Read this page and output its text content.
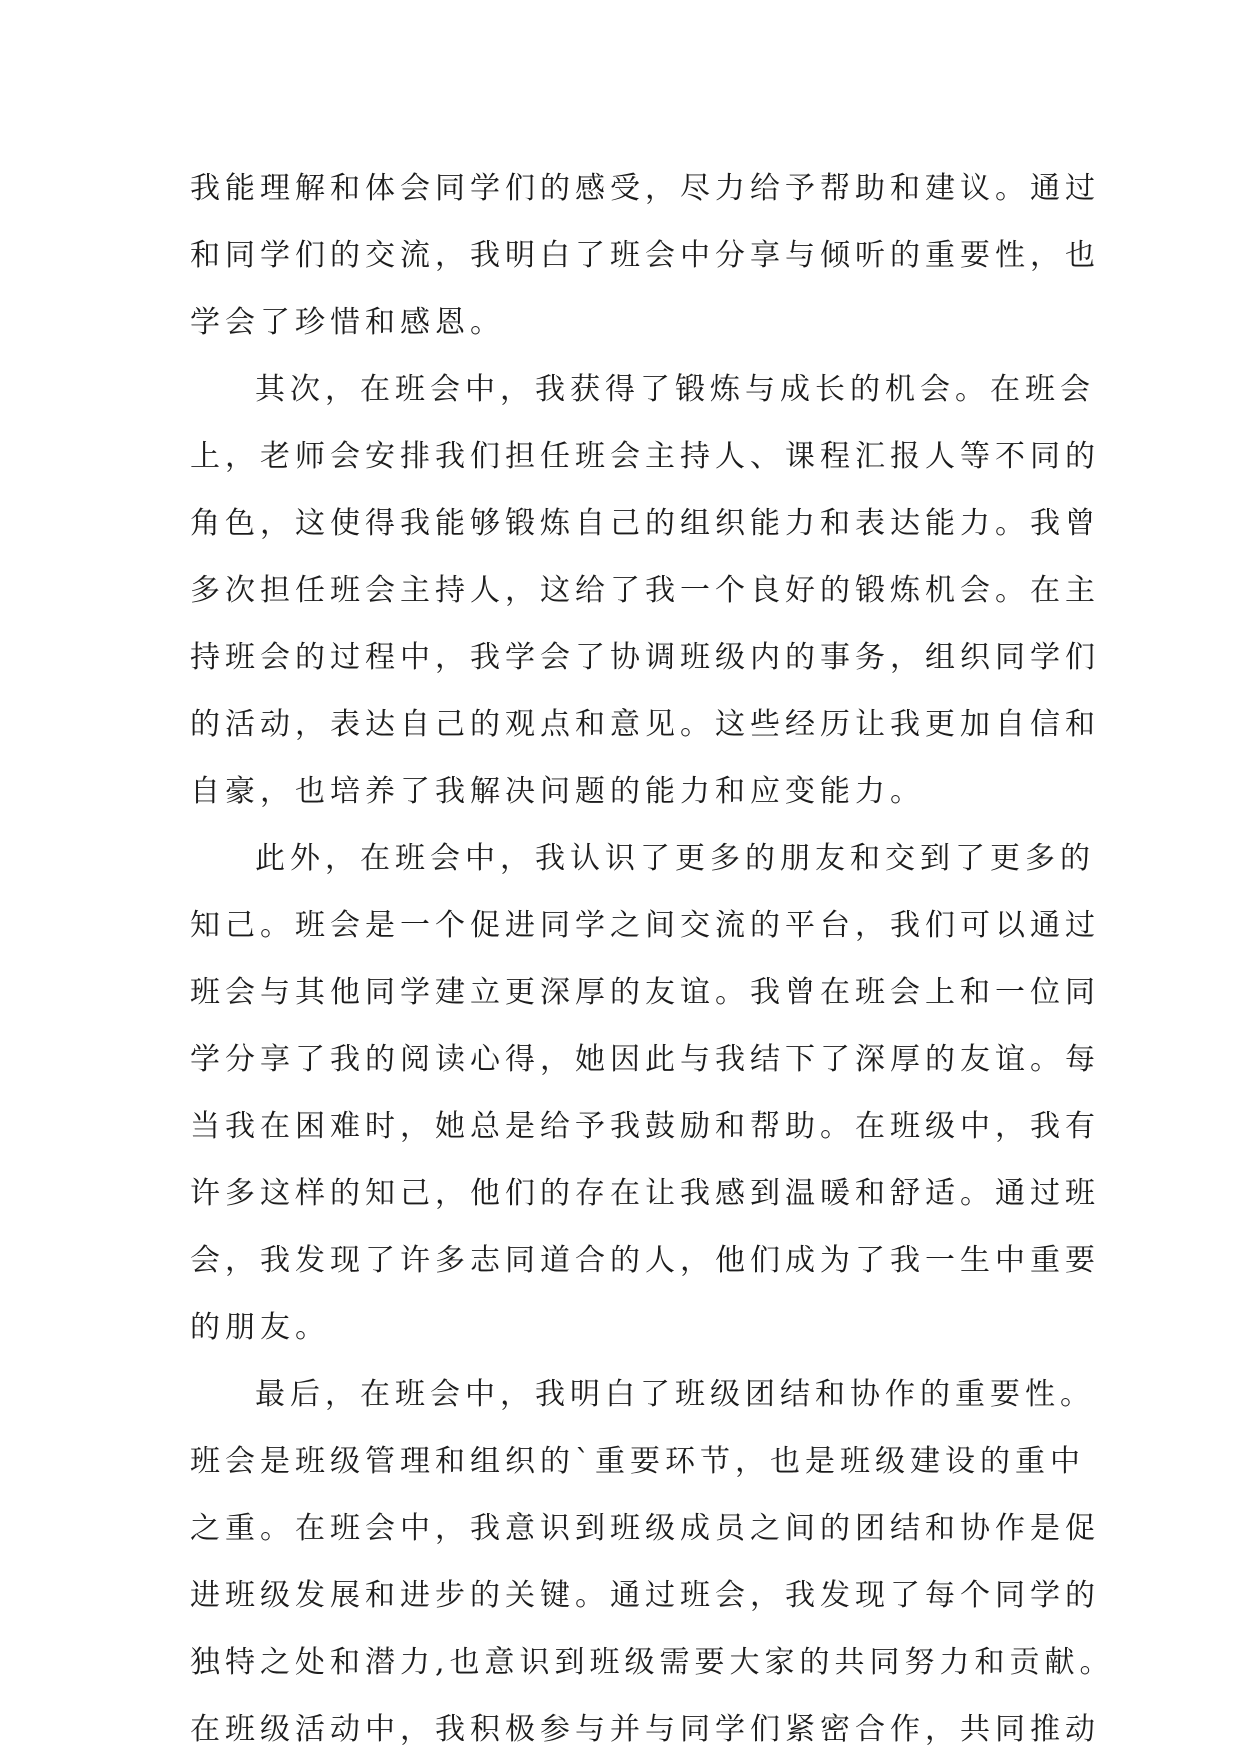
我能理解和体会同学们的感受，尽力给予帮助和建议。通过
和同学们的交流，我明白了班会中分享与倾听的重要性，也
学会了珍惜和感恩。
其次，在班会中，我获得了锻炼与成长的机会。在班会
上，老师会安排我们担任班会主持人、课程汇报人等不同的
角色，这使得我能够锻炼自己的组织能力和表达能力。我曾
多次担任班会主持人，这给了我一个良好的锻炼机会。在主
持班会的过程中，我学会了协调班级内的事务，组织同学们
的活动，表达自己的观点和意见。这些经历让我更加自信和
自豪，也培养了我解决问题的能力和应变能力。
此外，在班会中，我认识了更多的朋友和交到了更多的
知己。班会是一个促进同学之间交流的平台，我们可以通过
班会与其他同学建立更深厚的友谊。我曾在班会上和一位同
学分享了我的阅读心得，她因此与我结下了深厚的友谊。每
当我在困难时，她总是给予我鼓励和帮助。在班级中，我有
许多这样的知己，他们的存在让我感到温暖和舒适。通过班
会，我发现了许多志同道合的人，他们成为了我一生中重要
的朋友。
最后，在班会中，我明白了班级团结和协作的重要性。
班会是班级管理和组织的`重要环节，也是班级建设的重中
之重。在班会中，我意识到班级成员之间的团结和协作是促
进班级发展和进步的关键。通过班会，我发现了每个同学的
独特之处和潜力,也意识到班级需要大家的共同努力和贡献。
在班级活动中，我积极参与并与同学们紧密合作，共同推动
